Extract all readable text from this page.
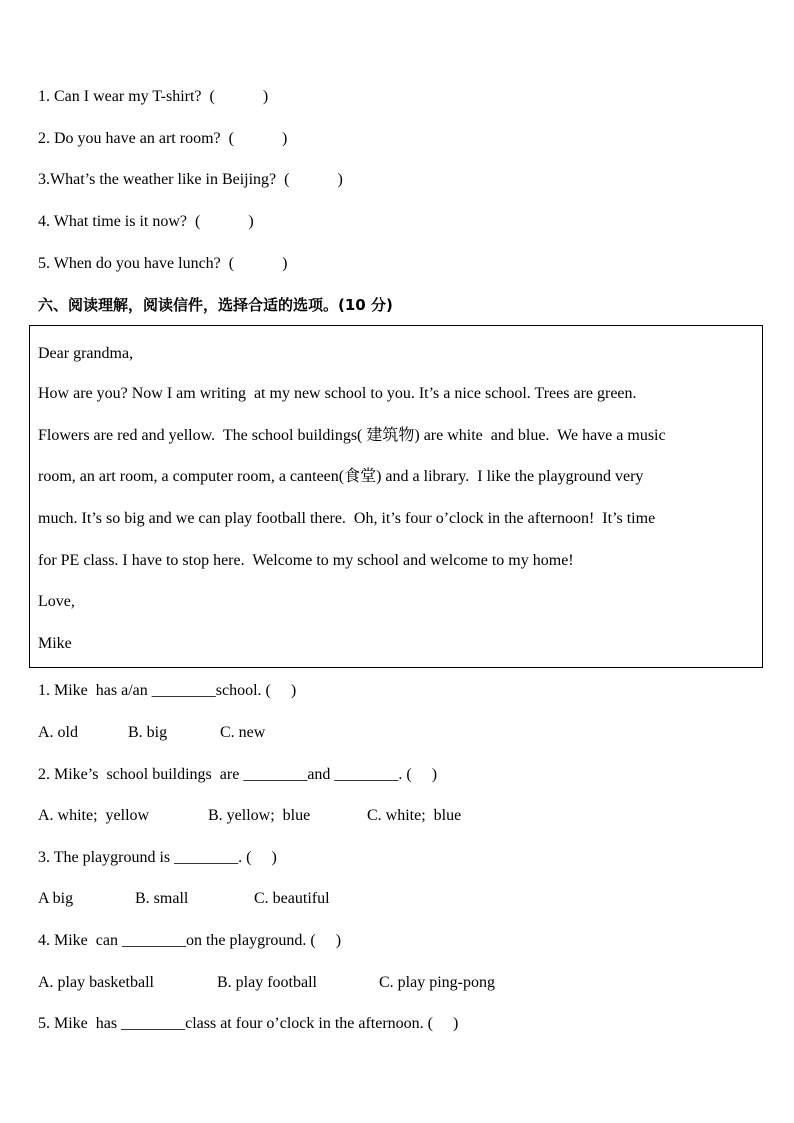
1. Can I wear my T-shirt?  (            )
2. Do you have an art room?  (            )
3.What’s the weather like in Beijing?  (            )
4. What time is it now?  (            )
5. When do you have lunch?  (            )
六、阅读理解，阅读信件，选择合适的选项。(10 分)
Dear grandma,
How are you? Now I am writing  at my new school to you. It’s a nice school. Trees are green.
Flowers are red and yellow.  The school buildings( 建筑物) are white  and blue.  We have a music
room, an art room, a computer room, a canteen(食堂) and a library.  I like the playground very
much. It’s so big and we can play football there.  Oh, it’s four o’clock in the afternoon!  It’s time
for PE class. I have to stop here.  Welcome to my school and welcome to my home!
Love,
Mike
1. Mike  has a/an ________school. (     )

A. old

	B. big

	C. new

2. Mike’s  school buildings  are ________and ________. (     )

A. white;  yellow

	B. yellow;  blue

	C. white;  blue

3. The playground is ________. (     )

A big

	B. small

	C. beautiful

4. Mike  can ________on the playground. (     )

A. play basketball

	B. play football

	C. play ping-pong

5. Mike  has ________class at four o’clock in the afternoon. (     )
